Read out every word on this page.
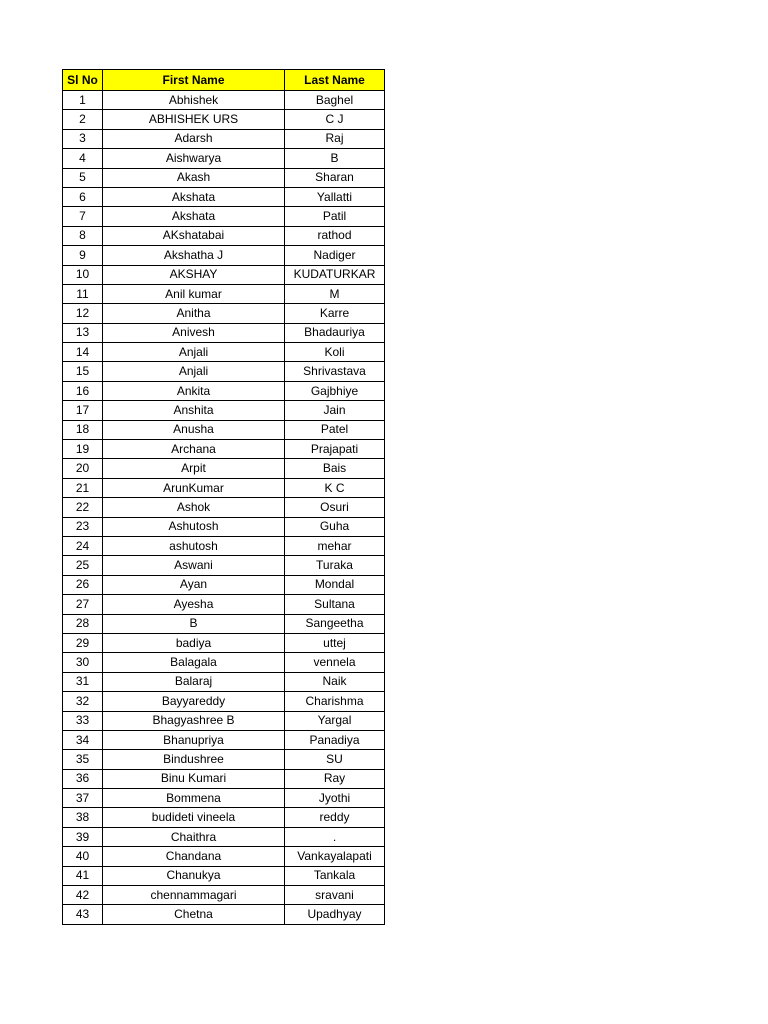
Sl No	First Name	Last Name
1	Abhishek	Baghel
2	ABHISHEK URS	C J
3	Adarsh	Raj
4	Aishwarya	B
5	Akash	Sharan
6	Akshata	Yallatti
7	Akshata	Patil
8	AKshatabai	rathod
9	Akshatha J	Nadiger
10	AKSHAY	KUDATURKAR
11	Anil kumar	M
12	Anitha	Karre
13	Anivesh	Bhadauriya
14	Anjali	Koli
15	Anjali	Shrivastava
16	Ankita	Gajbhiye
17	Anshita	Jain
18	Anusha	Patel
19	Archana	Prajapati
20	Arpit	Bais
21	ArunKumar	K C
22	Ashok	Osuri
23	Ashutosh	Guha
24	ashutosh	mehar
25	Aswani	Turaka
26	Ayan	Mondal
27	Ayesha	Sultana
28	B	Sangeetha
29	badiya	uttej
30	Balagala	vennela
31	Balaraj	Naik
32	Bayyareddy	Charishma
33	Bhagyashree B	Yargal
34	Bhanupriya	Panadiya
35	Bindushree	SU
36	Binu Kumari	Ray
37	Bommena	Jyothi
38	budideti vineela	reddy
39	Chaithra	.
40	Chandana	Vankayalapati
41	Chanukya	Tankala
42	chennammagari	sravani
43	Chetna	Upadhyay
